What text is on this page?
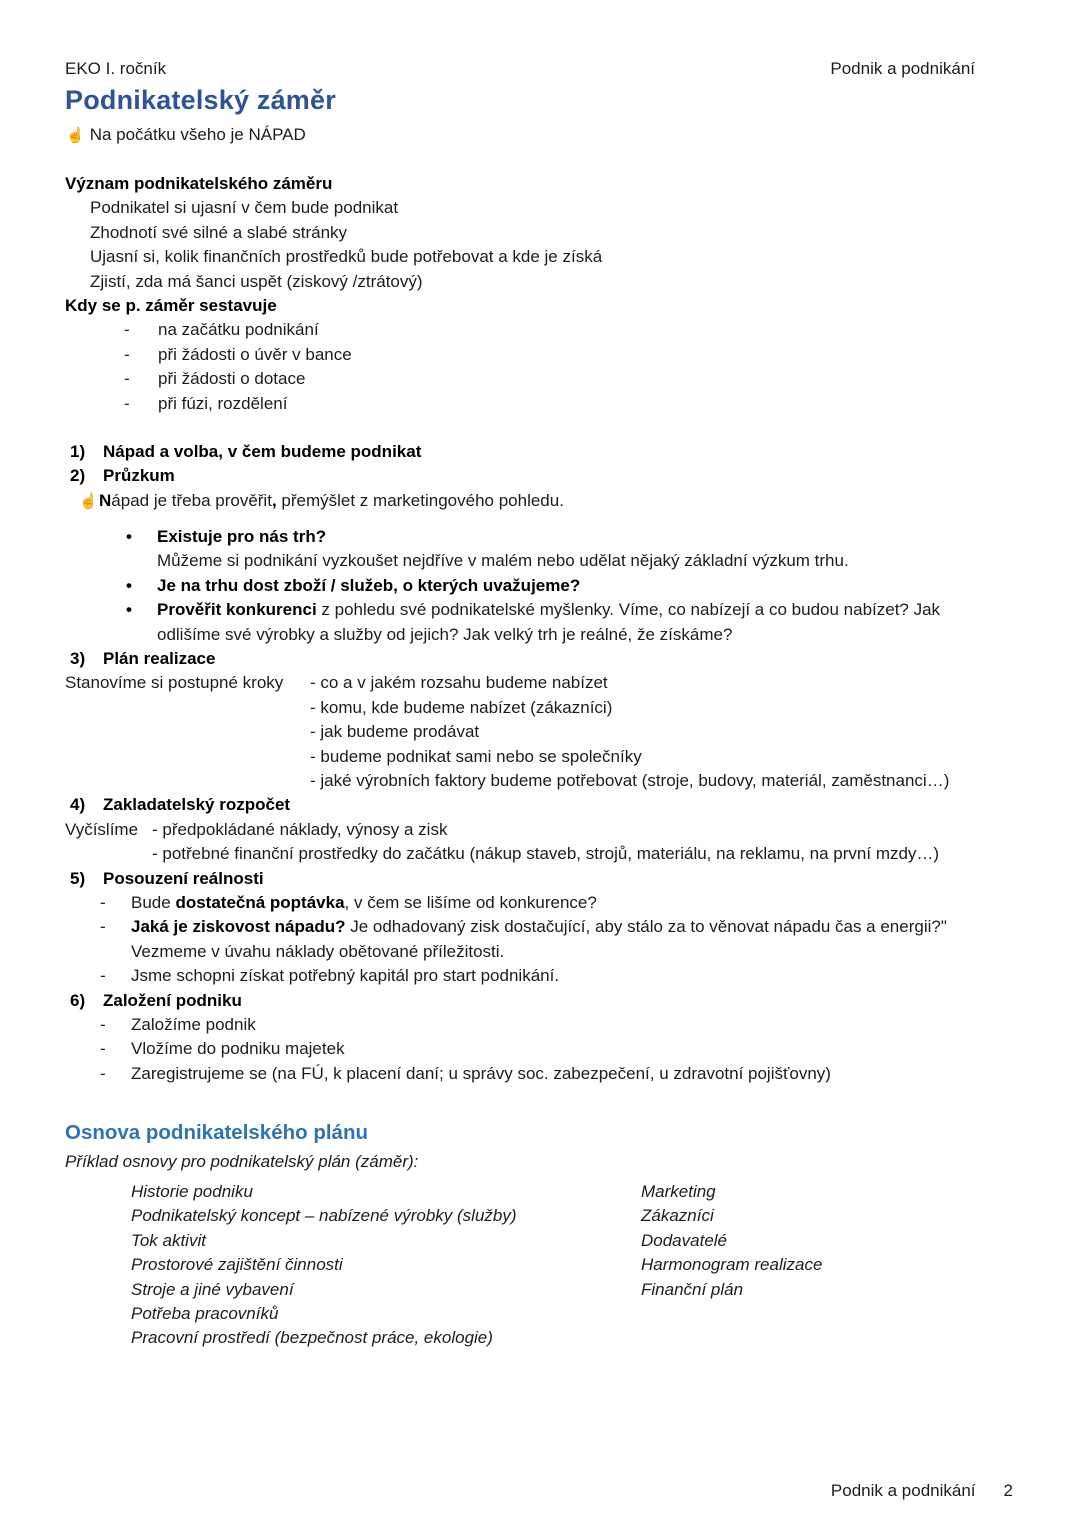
EKO I. ročník	Podnik a podnikání
Podnikatelský záměr
☝ Na počátku všeho je NÁPAD
Význam podnikatelského záměru
Podnikatel si ujasní v čem bude podnikat
Zhodnotí své silné a slabé stránky
Ujasní si, kolik finančních prostředků bude potřebovat a kde je získá
Zjistí, zda má šanci uspět (ziskový /ztrátový)
Kdy se p. záměr sestavuje
- na začátku podnikání
- při žádosti o úvěr v bance
- při žádosti o dotace
- při fúzi, rozdělení
1) Nápad a volba, v čem budeme podnikat
2) Průzkum
☝ Nápad je třeba prověřit, přemýšlet z marketingového pohledu.
• Existuje pro nás trh?
Můžeme si podnikání vyzkoušet nejdříve v malém nebo udělat nějaký základní výzkum trhu.
• Je na trhu dost zboží / služeb, o kterých uvažujeme?
• Prověřit konkurenci z pohledu své podnikatelské myšlenky. Víme, co nabízejí a co budou nabízet? Jak
odlišíme své výrobky a služby od jejich? Jak velký trh je reálné, že získáme?
3) Plán realizace
Stanovíme si postupné kroky - co a v jakém rozsahu budeme nabízet
- komu, kde budeme nabízet (zákazníci)
- jak budeme prodávat
- budeme podnikat sami nebo se společníky
- jaké výrobních faktory budeme potřebovat (stroje, budovy, materiál, zaměstnanci…)
4) Zakladatelský rozpočet
Vyčíslíme - předpokládané náklady, výnosy a zisk
- potřebné finanční prostředky do začátku (nákup staveb, strojů, materiálu, na reklamu, na první mzdy…)
5) Posouzení reálnosti
- Bude dostatečná poptávka, v čem se lišíme od konkurence?
- Jaká je ziskovost nápadu? Je odhadovaný zisk dostačující, aby stálo za to věnovat nápadu čas a energii?"
Vezmeme v úvahu náklady obětované příležitosti.
- Jsme schopni získat potřebný kapitál pro start podnikání.
6) Založení podniku
- Založíme podnik
- Vložíme do podniku majetek
- Zaregistrujeme se (na FÚ, k placení daní; u správy soc. zabezpečení, u zdravotní pojišťovny)
Osnova podnikatelského plánu
Příklad osnovy pro podnikatelský plán (záměr):
Historie podniku	Marketing
Podnikatelský koncept – nabízené výrobky (služby)	Zákazníci
Tok aktivit	Dodavatelé
Prostorové zajištění činnosti	Harmonogram realizace
Stroje a jiné vybavení	Finanční plán
Potřeba pracovníků
Pracovní prostředí (bezpečnost práce, ekologie)
Podnik a podnikání 2
